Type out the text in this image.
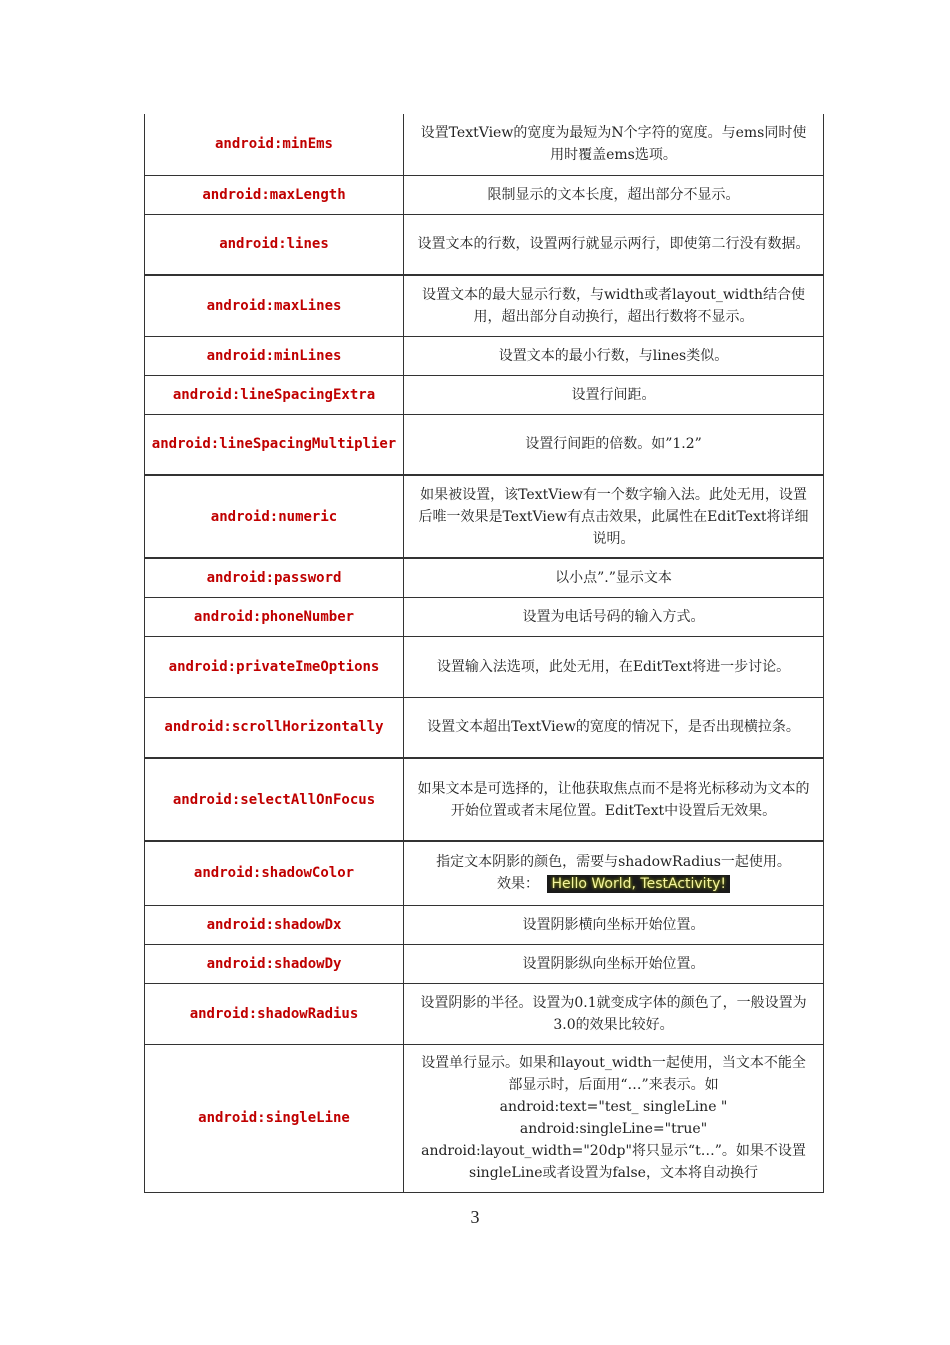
android:minEms	设置TextView的宽度为最短为N个字符的宽度。与ems同时使用时覆盖ems选项。
android:maxLength	限制显示的文本长度，超出部分不显示。
android:lines	设置文本的行数，设置两行就显示两行，即使第二行没有数据。
android:maxLines	设置文本的最大显示行数，与width或者layout_width结合使用，超出部分自动换行，超出行数将不显示。
android:minLines	设置文本的最小行数，与lines类似。
android:lineSpacingExtra	设置行间距。
android:lineSpacingMultiplier	设置行间距的倍数。如”1.2”
android:numeric	如果被设置，该TextView有一个数字输入法。此处无用，设置后唯一效果是TextView有点击效果，此属性在EditText将详细说明。
android:password	以小点”.”显示文本
android:phoneNumber	设置为电话号码的输入方式。
android:privateImeOptions	设置输入法选项，此处无用，在EditText将进一步讨论。
android:scrollHorizontally	设置文本超出TextView的宽度的情况下，是否出现横拉条。
android:selectAllOnFocus	如果文本是可选择的，让他获取焦点而不是将光标移动为文本的开始位置或者末尾位置。EditText中设置后无效果。
android:shadowColor	指定文本阴影的颜色，需要与shadowRadius一起使用。
效果： Hello World, TestActivity!
android:shadowDx	设置阴影横向坐标开始位置。
android:shadowDy	设置阴影纵向坐标开始位置。
android:shadowRadius	设置阴影的半径。设置为0.1就变成字体的颜色了，一般设置为3.0的效果比较好。
android:singleLine	设置单行显示。如果和layout_width一起使用，当文本不能全部显示时，后面用“…”来表示。如
android:text="test_ singleLine "
android:singleLine="true"
android:layout_width="20dp"将只显示“t…”。如果不设置singleLine或者设置为false，文本将自动换行
3
